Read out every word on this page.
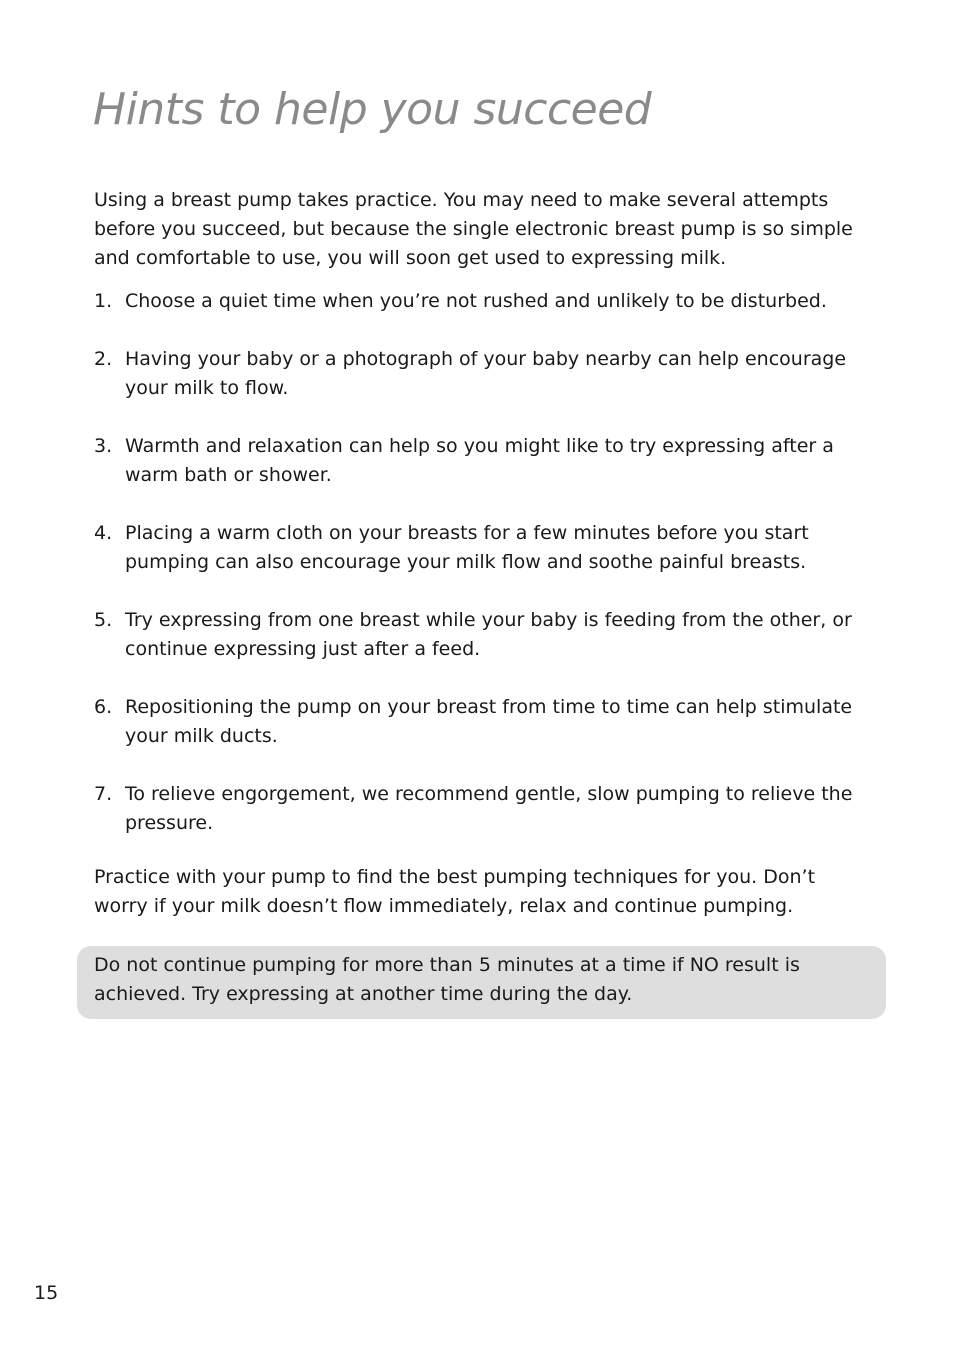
Hints to help you succeed

Using a breast pump takes practice. You may need to make several attempts before you succeed, but because the single electronic breast pump is so simple and comfortable to use, you will soon get used to expressing milk.

1. Choose a quiet time when you’re not rushed and unlikely to be disturbed.
2. Having your baby or a photograph of your baby nearby can help encourage your milk to flow.
3. Warmth and relaxation can help so you might like to try expressing after a warm bath or shower.
4. Placing a warm cloth on your breasts for a few minutes before you start pumping can also encourage your milk flow and soothe painful breasts.
5. Try expressing from one breast while your baby is feeding from the other, or continue expressing just after a feed.
6. Repositioning the pump on your breast from time to time can help stimulate your milk ducts.
7. To relieve engorgement, we recommend gentle, slow pumping to relieve the pressure.

Practice with your pump to find the best pumping techniques for you. Don’t worry if your milk doesn’t flow immediately, relax and continue pumping.

Do not continue pumping for more than 5 minutes at a time if NO result is achieved. Try expressing at another time during the day.

15
